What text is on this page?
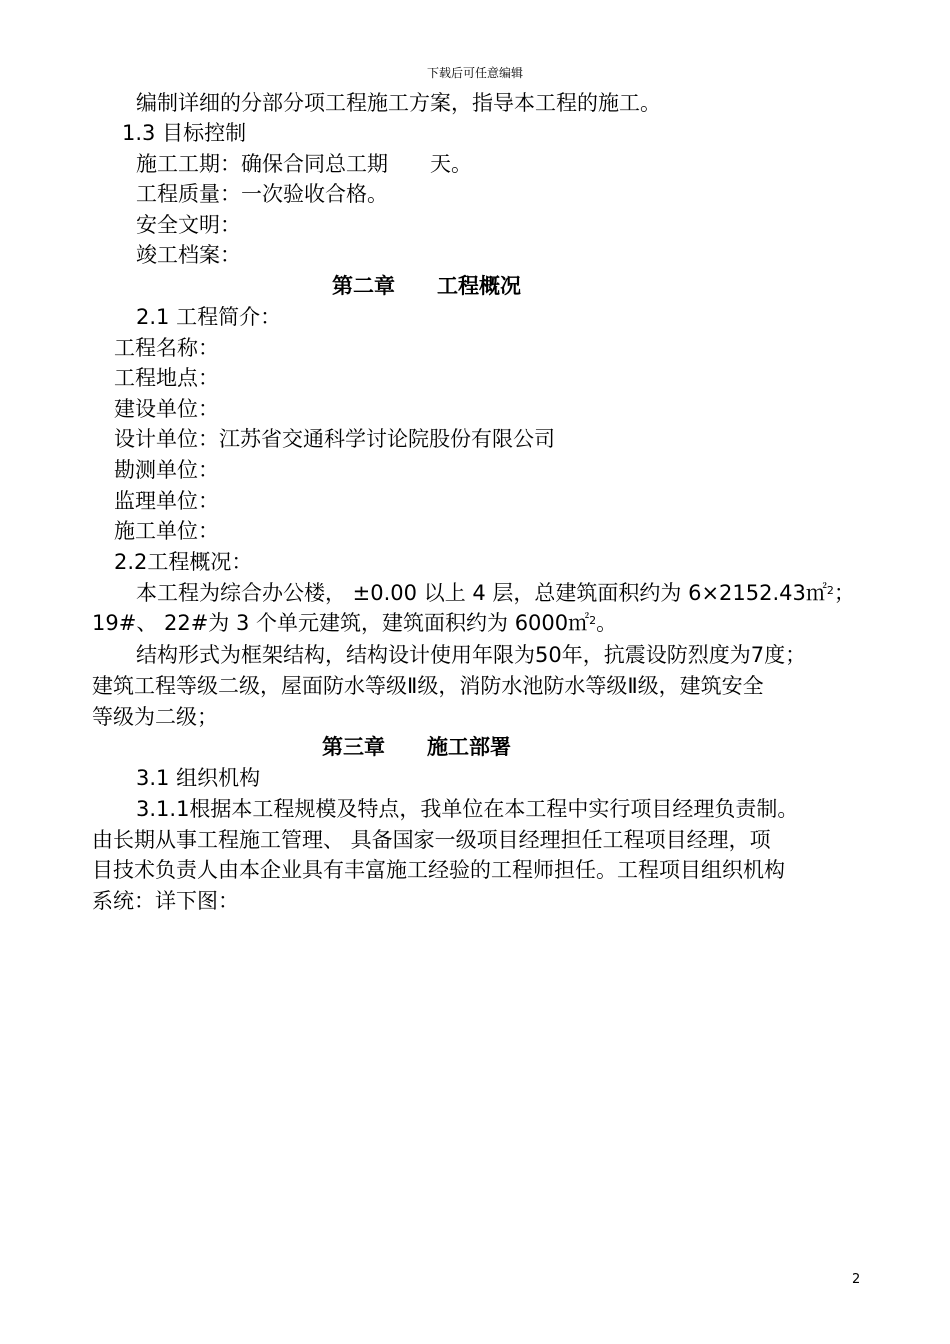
下载后可任意编辑
编制详细的分部分项工程施工方案，指导本工程的施工。
1.3 目标控制
施工工期：确保合同总工期　　天。
工程质量：一次验收合格。
安全文明：
竣工档案：
第二章　　工程概况
2.1 工程简介：
工程名称：
工程地点：
建设单位：
设计单位：江苏省交通科学讨论院股份有限公司
勘测单位：
监理单位：
施工单位：
2.2工程概况：
本工程为综合办公楼， ±0.00 以上 4 层，总建筑面积约为 6×2152.43㎡$^2$；
19#、 22#为 3 个单元建筑，建筑面积约为 6000㎡$^2$。
结构形式为框架结构，结构设计使用年限为50年，抗震设防烈度为7度；
建筑工程等级二级，屋面防水等级Ⅱ级，消防水池防水等级Ⅱ级，建筑安全
等级为二级；
第三章　　施工部署
3.1 组织机构
3.1.1根据本工程规模及特点，我单位在本工程中实行项目经理负责制。
由长期从事工程施工管理、 具备国家一级项目经理担任工程项目经理，项
目技术负责人由本企业具有丰富施工经验的工程师担任。工程项目组织机构
系统：详下图：
2
